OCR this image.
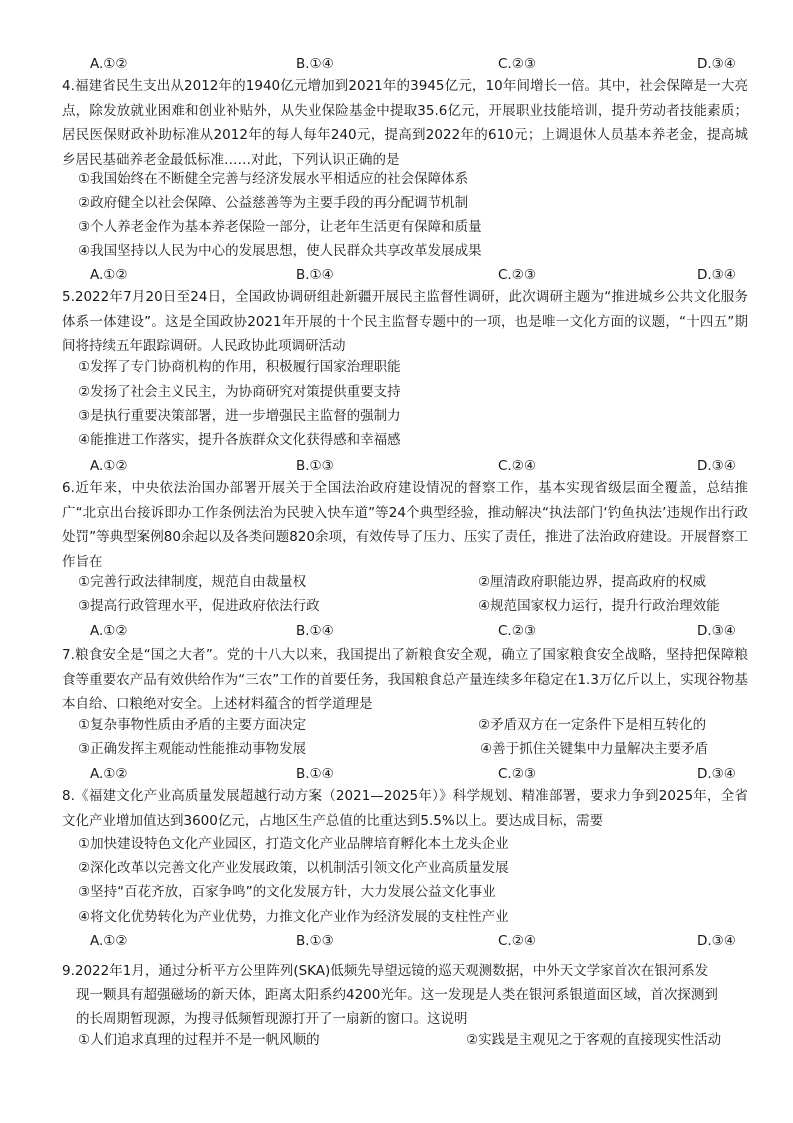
A.①②	B.①④	C.②③	D.③④

4.福建省民生支出从2012年的1940亿元增加到2021年的3945亿元，10年间增长一倍。其中，社会保障是一大亮点，除发放就业困难和创业补贴外，从失业保险基金中提取35.6亿元，开展职业技能培训，提升劳动者技能素质；居民医保财政补助标准从2012年的每人每年240元，提高到2022年的610元；上调退休人员基本养老金，提高城乡居民基础养老金最低标准……对此，下列认识正确的是

①我国始终在不断健全完善与经济发展水平相适应的社会保障体系
②政府健全以社会保障、公益慈善等为主要手段的再分配调节机制
③个人养老金作为基本养老保险一部分，让老年生活更有保障和质量
④我国坚持以人民为中心的发展思想，使人民群众共享改革发展成果
A.①②	B.①④	C.②③	D.③④

5.2022年7月20日至24日，全国政协调研组赴新疆开展民主监督性调研，此次调研主题为“推进城乡公共文化服务体系一体建设”。这是全国政协2021年开展的十个民主监督专题中的一项，也是唯一文化方面的议题，“十四五”期间将持续五年跟踪调研。人民政协此项调研活动

①发挥了专门协商机构的作用，积极履行国家治理职能
②发扬了社会主义民主，为协商研究对策提供重要支持
③是执行重要决策部署，进一步增强民主监督的强制力
④能推进工作落实，提升各族群众文化获得感和幸福感
A.①②	B.①③	C.②④	D.③④

6.近年来，中央依法治国办部署开展关于全国法治政府建设情况的督察工作，基本实现省级层面全覆盖，总结推广“北京出台接诉即办工作条例法治为民驶入快车道”等24个典型经验，推动解决“执法部门‘钓鱼执法’违规作出行政处罚”等典型案例80余起以及各类问题820余项，有效传导了压力、压实了责任，推进了法治政府建设。开展督察工作旨在

①完善行政法律制度，规范自由裁量权	②厘清政府职能边界，提高政府的权威
③提高行政管理水平，促进政府依法行政	④规范国家权力运行，提升行政治理效能
A.①②	B.①④	C.②③	D.③④

7.粮食安全是“国之大者”。党的十八大以来，我国提出了新粮食安全观，确立了国家粮食安全战略，坚持把保障粮食等重要农产品有效供给作为“三农”工作的首要任务，我国粮食总产量连续多年稳定在1.3万亿斤以上，实现谷物基本自给、口粮绝对安全。上述材料蕴含的哲学道理是

①复杂事物性质由矛盾的主要方面决定	②矛盾双方在一定条件下是相互转化的
③正确发挥主观能动性能推动事物发展	④善于抓住关键集中力量解决主要矛盾
A.①②	B.①④	C.②③	D.③④

8.《福建文化产业高质量发展超越行动方案（2021—2025年）》科学规划、精准部署，要求力争到2025年，全省文化产业增加值达到3600亿元，占地区生产总值的比重达到5.5%以上。要达成目标，需要

①加快建设特色文化产业园区，打造文化产业品牌培育孵化本土龙头企业
②深化改革以完善文化产业发展政策，以机制活引领文化产业高质量发展
③坚持“百花齐放，百家争鸣”的文化发展方针，大力发展公益文化事业
④将文化优势转化为产业优势，力推文化产业作为经济发展的支柱性产业
A.①②	B.①③	C.②④	D.③④

9.2022年1月，通过分析平方公里阵列(SKA)低频先导望远镜的巡天观测数据，中外天文学家首次在银河系发

现一颗具有超强磁场的新天体，距离太阳系约4200光年。这一发现是人类在银河系银道面区域，首次探测到

的长周期暂现源，为搜寻低频暂现源打开了一扇新的窗口。这说明

①人们追求真理的过程并不是一帆风顺的	②实践是主观见之于客观的直接现实性活动
